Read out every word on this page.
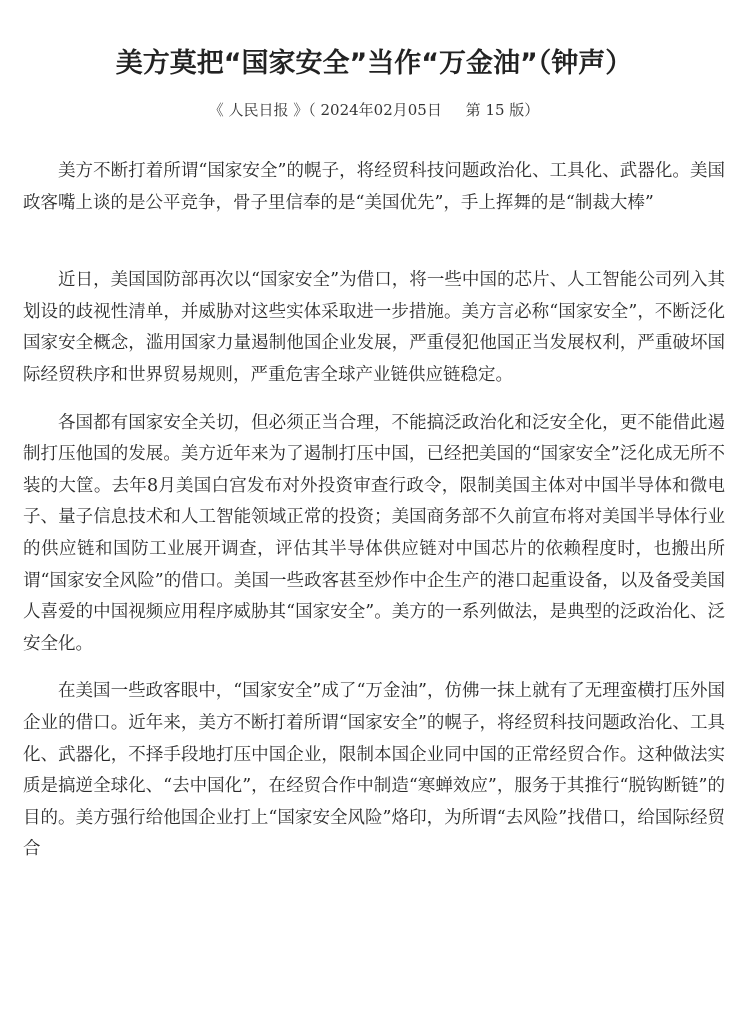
美方莫把“国家安全”当作“万金油”（钟声）
《 人民日报 》（ 2024年02月05日     第 15 版）

美方不断打着所谓“国家安全”的幌子，将经贸科技问题政治化、工具化、武器化。美国政客嘴上谈的是公平竞争，骨子里信奉的是“美国优先”，手上挥舞的是“制裁大棒”

近日，美国国防部再次以“国家安全”为借口，将一些中国的芯片、人工智能公司列入其划设的歧视性清单，并威胁对这些实体采取进一步措施。美方言必称“国家安全”，不断泛化国家安全概念，滥用国家力量遏制他国企业发展，严重侵犯他国正当发展权利，严重破坏国际经贸秩序和世界贸易规则，严重危害全球产业链供应链稳定。

各国都有国家安全关切，但必须正当合理，不能搞泛政治化和泛安全化，更不能借此遏制打压他国的发展。美方近年来为了遏制打压中国，已经把美国的“国家安全”泛化成无所不装的大筐。去年8月美国白宫发布对外投资审查行政令，限制美国主体对中国半导体和微电子、量子信息技术和人工智能领域正常的投资；美国商务部不久前宣布将对美国半导体行业的供应链和国防工业展开调查，评估其半导体供应链对中国芯片的依赖程度时，也搬出所谓“国家安全风险”的借口。美国一些政客甚至炒作中企生产的港口起重设备，以及备受美国人喜爱的中国视频应用程序威胁其“国家安全”。美方的一系列做法，是典型的泛政治化、泛安全化。

在美国一些政客眼中，“国家安全”成了“万金油”，仿佛一抹上就有了无理蛮横打压外国企业的借口。近年来，美方不断打着所谓“国家安全”的幌子，将经贸科技问题政治化、工具化、武器化，不择手段地打压中国企业，限制本国企业同中国的正常经贸合作。这种做法实质是搞逆全球化、“去中国化”，在经贸合作中制造“寒蝉效应”，服务于其推行“脱钩断链”的目的。美方强行给他国企业打上“国家安全风险”烙印，为所谓“去风险”找借口，给国际经贸合
